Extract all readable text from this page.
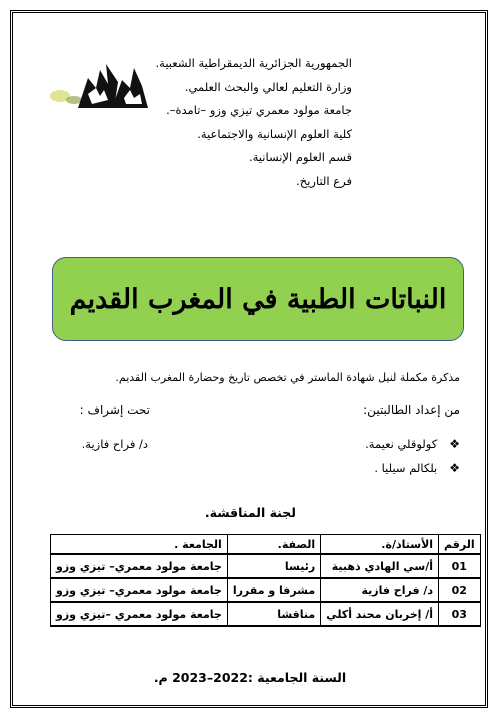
الجمهورية الجزائرية الديمقراطية الشعبية.
وزارة التعليم لعالي والبحث العلمي.
جامعة مولود معمري تيزي وزو –تامدة–.
كلية العلوم الإنسانية والاجتماعية.
قسم العلوم الإنسانية.
فرع التاريخ.
النباتات الطبية في المغرب القديم
مذكرة مكملة لنيل شهادة الماستر في تخصص تاريخ وحضارة المغرب القديم.
من إعداد الطالبتين:
تحت إشراف :
❖كولوقلي نعيمة.
❖بلكالم سيليا .
د/ فراح فازية.
لجنة المناقشة.
الرقم	الأستاذ/ة.	الصفة.	الجامعة .
01	أ/سي الهادي ذهبية	رئيسا	جامعة مولود معمري– تيزي وزو
02	د/ فراح فازية	مشرفا و مقررا	جامعة مولود معمري– تيزي وزو
03	أ/ إخربان محند أكلي	مناقشا	جامعة مولود معمري –تيزي وزو
السنة الجامعية :2022–2023 م.
